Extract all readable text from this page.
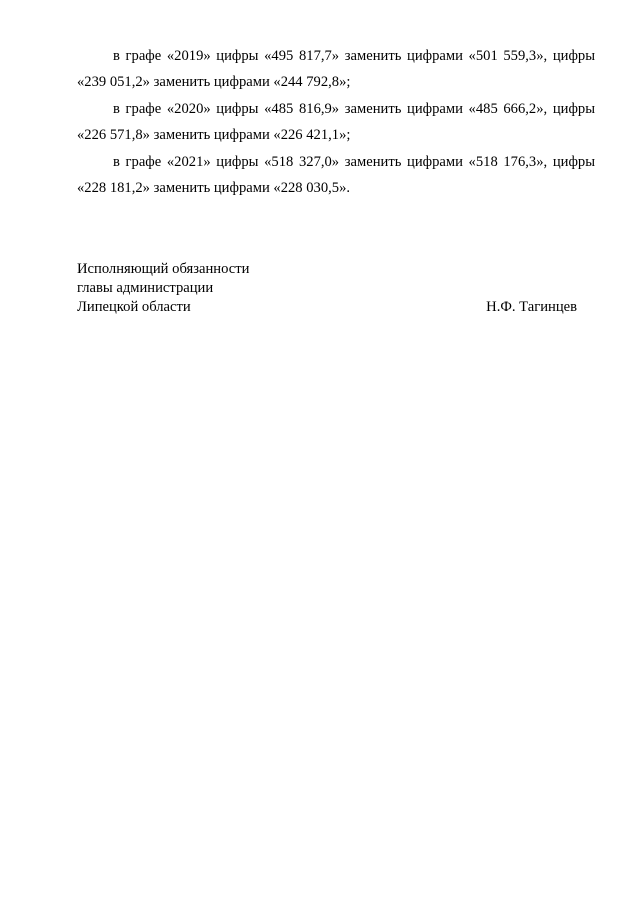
в графе «2019» цифры «495 817,7» заменить цифрами «501 559,3», цифры «239 051,2» заменить цифрами «244 792,8»;

в графе «2020» цифры «485 816,9» заменить цифрами «485 666,2», цифры «226 571,8» заменить цифрами «226 421,1»;

в графе «2021» цифры «518 327,0» заменить цифрами «518 176,3», цифры «228 181,2» заменить цифрами «228 030,5».

Исполняющий обязанности
главы администрации
Липецкой области	Н.Ф. Тагинцев
